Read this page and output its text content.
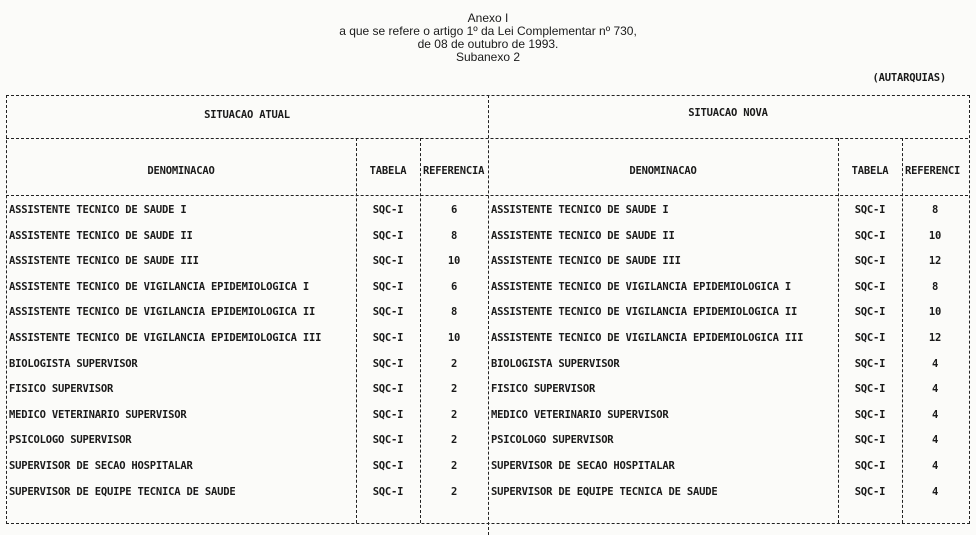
Anexo I
a que se refere o artigo 1º da Lei Complementar nº 730,
de 08 de outubro de 1993.
Subanexo 2
(AUTARQUIAS)
SITUACAO ATUAL	SITUACAO NOVA
DENOMINACAO	TABELA	REFERENCIA	DENOMINACAO	TABELA	REFERENCI
ASSISTENTE TECNICO DE SAUDE I	SQC-I	6	ASSISTENTE TECNICO DE SAUDE I	SQC-I	8
ASSISTENTE TECNICO DE SAUDE II	SQC-I	8	ASSISTENTE TECNICO DE SAUDE II	SQC-I	10
ASSISTENTE TECNICO DE SAUDE III	SQC-I	10	ASSISTENTE TECNICO DE SAUDE III	SQC-I	12
ASSISTENTE TECNICO DE VIGILANCIA EPIDEMIOLOGICA I	SQC-I	6	ASSISTENTE TECNICO DE VIGILANCIA EPIDEMIOLOGICA I	SQC-I	8
ASSISTENTE TECNICO DE VIGILANCIA EPIDEMIOLOGICA II	SQC-I	8	ASSISTENTE TECNICO DE VIGILANCIA EPIDEMIOLOGICA II	SQC-I	10
ASSISTENTE TECNICO DE VIGILANCIA EPIDEMIOLOGICA III	SQC-I	10	ASSISTENTE TECNICO DE VIGILANCIA EPIDEMIOLOGICA III	SQC-I	12
BIOLOGISTA SUPERVISOR	SQC-I	2	BIOLOGISTA SUPERVISOR	SQC-I	4
FISICO SUPERVISOR	SQC-I	2	FISICO SUPERVISOR	SQC-I	4
MEDICO VETERINARIO SUPERVISOR	SQC-I	2	MEDICO VETERINARIO SUPERVISOR	SQC-I	4
PSICOLOGO SUPERVISOR	SQC-I	2	PSICOLOGO SUPERVISOR	SQC-I	4
SUPERVISOR DE SECAO HOSPITALAR	SQC-I	2	SUPERVISOR DE SECAO HOSPITALAR	SQC-I	4
SUPERVISOR DE EQUIPE TECNICA DE SAUDE	SQC-I	2	SUPERVISOR DE EQUIPE TECNICA DE SAUDE	SQC-I	4
